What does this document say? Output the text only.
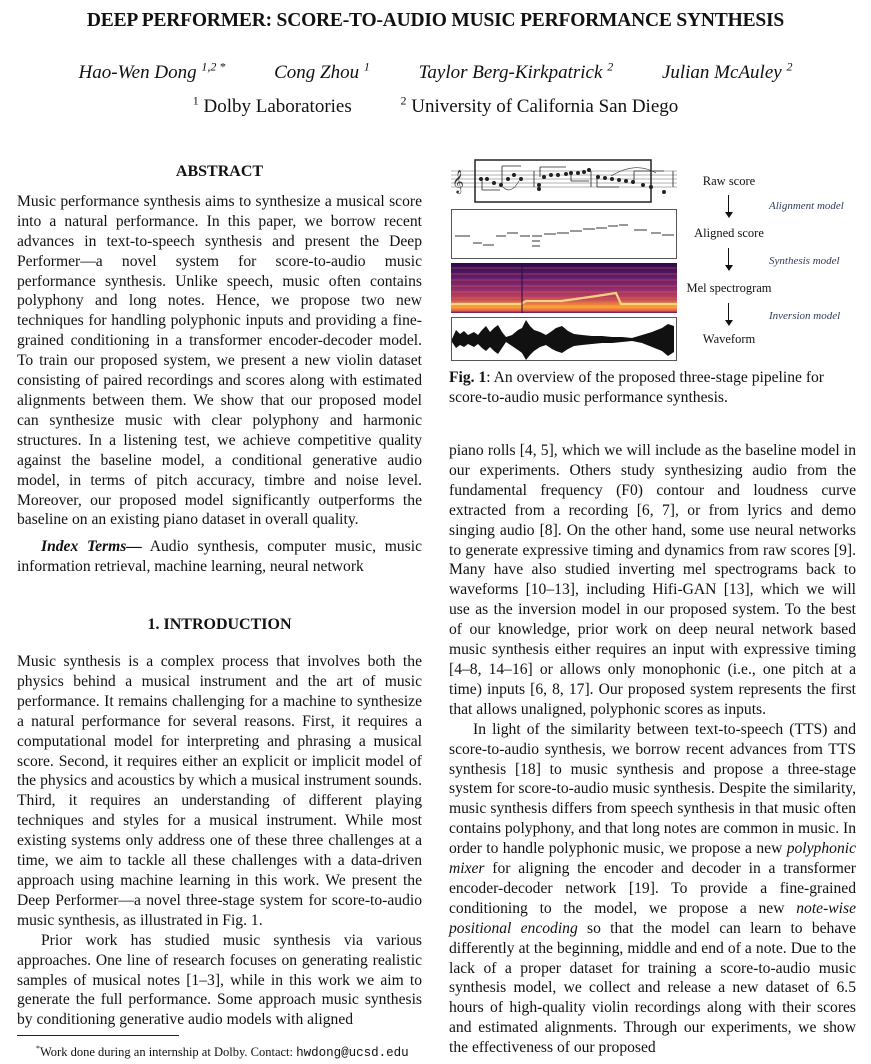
DEEP PERFORMER: SCORE-TO-AUDIO MUSIC PERFORMANCE SYNTHESIS
Hao-Wen Dong $^{1,2 *}$	Cong Zhou $^1$	Taylor Berg-Kirkpatrick $^2$	Julian McAuley $^2$
$^1$ Dolby Laboratories	$^2$ University of California San Diego
ABSTRACT

Music performance synthesis aims to synthesize a musical score into a natural performance. In this paper, we borrow recent advances in text-to-speech synthesis and present the Deep Performer—a novel system for score-to-audio music performance synthesis. Unlike speech, music often contains polyphony and long notes. Hence, we propose two new techniques for handling polyphonic inputs and providing a fine-grained conditioning in a transformer encoder-decoder model. To train our proposed system, we present a new violin dataset consisting of paired recordings and scores along with estimated alignments between them. We show that our proposed model can synthesize music with clear polyphony and harmonic structures. In a listening test, we achieve competitive quality against the baseline model, a conditional generative audio model, in terms of pitch accuracy, timbre and noise level. Moreover, our proposed model significantly outperforms the baseline on an existing piano dataset in overall quality.

Index Terms— Audio synthesis, computer music, music information retrieval, machine learning, neural network

1. INTRODUCTION

Music synthesis is a complex process that involves both the physics behind a musical instrument and the art of music performance. It remains challenging for a machine to synthesize a natural performance for several reasons. First, it requires a computational model for interpreting and phrasing a musical score. Second, it requires either an explicit or implicit model of the physics and acoustics by which a musical instrument sounds. Third, it requires an understanding of different playing techniques and styles for a musical instrument. While most existing systems only address one of these three challenges at a time, we aim to tackle all these challenges with a data-driven approach using machine learning in this work. We present the Deep Performer—a novel three-stage system for score-to-audio music synthesis, as illustrated in Fig. 1.

Prior work has studied music synthesis via various approaches. One line of research focuses on generating realistic samples of musical notes [1–3], while in this work we aim to generate the full performance. Some approach music synthesis by conditioning generative audio models with aligned

*Work done during an internship at Dolby. Contact: hwdong@ucsd.edu
𝄞	Raw score
Alignment model
Aligned score
Synthesis model
Mel spectrogram
Inversion model
Waveform
Fig. 1: An overview of the proposed three-stage pipeline for score-to-audio music performance synthesis.

piano rolls [4, 5], which we will include as the baseline model in our experiments. Others study synthesizing audio from the fundamental frequency (F0) contour and loudness curve extracted from a recording [6, 7], or from lyrics and demo singing audio [8]. On the other hand, some use neural networks to generate expressive timing and dynamics from raw scores [9]. Many have also studied inverting mel spectrograms back to waveforms [10–13], including Hifi-GAN [13], which we will use as the inversion model in our proposed system. To the best of our knowledge, prior work on deep neural network based music synthesis either requires an input with expressive timing [4–8, 14–16] or allows only monophonic (i.e., one pitch at a time) inputs [6, 8, 17]. Our proposed system represents the first that allows unaligned, polyphonic scores as inputs.

In light of the similarity between text-to-speech (TTS) and score-to-audio synthesis, we borrow recent advances from TTS synthesis [18] to music synthesis and propose a three-stage system for score-to-audio music synthesis. Despite the similarity, music synthesis differs from speech synthesis in that music often contains polyphony, and that long notes are common in music. In order to handle polyphonic music, we propose a new polyphonic mixer for aligning the encoder and decoder in a transformer encoder-decoder network [19]. To provide a fine-grained conditioning to the model, we propose a new note-wise positional encoding so that the model can learn to behave differently at the beginning, middle and end of a note. Due to the lack of a proper dataset for training a score-to-audio music synthesis model, we collect and release a new dataset of 6.5 hours of high-quality violin recordings along with their scores and estimated alignments. Through our experiments, we show the effectiveness of our proposed
